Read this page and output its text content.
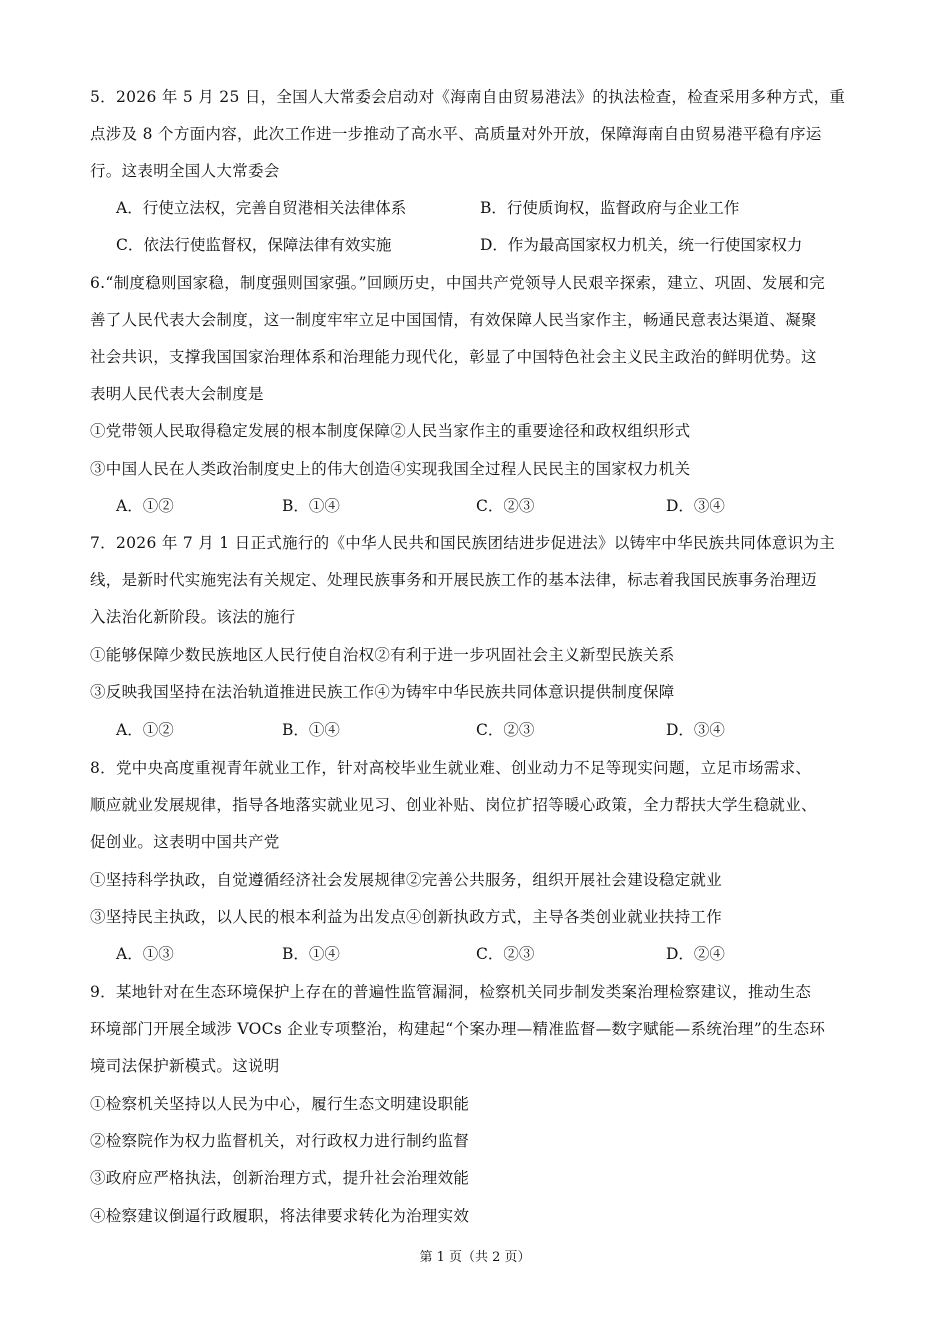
5．2026 年 5 月 25 日，全国人大常委会启动对《海南自由贸易港法》的执法检查，检查采用多种方式，重
点涉及 8 个方面内容，此次工作进一步推动了高水平、高质量对外开放，保障海南自由贸易港平稳有序运
行。这表明全国人大常委会
A．行使立法权，完善自贸港相关法律体系	B．行使质询权，监督政府与企业工作
C．依法行使监督权，保障法律有效实施	D．作为最高国家权力机关，统一行使国家权力
6.“制度稳则国家稳，制度强则国家强。”回顾历史，中国共产党领导人民艰辛探索，建立、巩固、发展和完
善了人民代表大会制度，这一制度牢牢立足中国国情，有效保障人民当家作主，畅通民意表达渠道、凝聚
社会共识，支撑我国国家治理体系和治理能力现代化，彰显了中国特色社会主义民主政治的鲜明优势。这
表明人民代表大会制度是
①党带领人民取得稳定发展的根本制度保障②人民当家作主的重要途径和政权组织形式
③中国人民在人类政治制度史上的伟大创造④实现我国全过程人民民主的国家权力机关
A．①②	B．①④	C．②③	D．③④
7．2026 年 7 月 1 日正式施行的《中华人民共和国民族团结进步促进法》以铸牢中华民族共同体意识为主
线，是新时代实施宪法有关规定、处理民族事务和开展民族工作的基本法律，标志着我国民族事务治理迈
入法治化新阶段。该法的施行
①能够保障少数民族地区人民行使自治权②有利于进一步巩固社会主义新型民族关系
③反映我国坚持在法治轨道推进民族工作④为铸牢中华民族共同体意识提供制度保障
A．①②	B．①④	C．②③	D．③④
8．党中央高度重视青年就业工作，针对高校毕业生就业难、创业动力不足等现实问题，立足市场需求、
顺应就业发展规律，指导各地落实就业见习、创业补贴、岗位扩招等暖心政策，全力帮扶大学生稳就业、
促创业。这表明中国共产党
①坚持科学执政，自觉遵循经济社会发展规律②完善公共服务，组织开展社会建设稳定就业
③坚持民主执政，以人民的根本利益为出发点④创新执政方式，主导各类创业就业扶持工作
A．①③	B．①④	C．②③	D．②④
9．某地针对在生态环境保护上存在的普遍性监管漏洞，检察机关同步制发类案治理检察建议，推动生态
环境部门开展全域涉 VOCs 企业专项整治，构建起“个案办理—精准监督—数字赋能—系统治理”的生态环
境司法保护新模式。这说明
①检察机关坚持以人民为中心，履行生态文明建设职能
②检察院作为权力监督机关，对行政权力进行制约监督
③政府应严格执法，创新治理方式，提升社会治理效能
④检察建议倒逼行政履职，将法律要求转化为治理实效
第 1 页（共 2 页）
